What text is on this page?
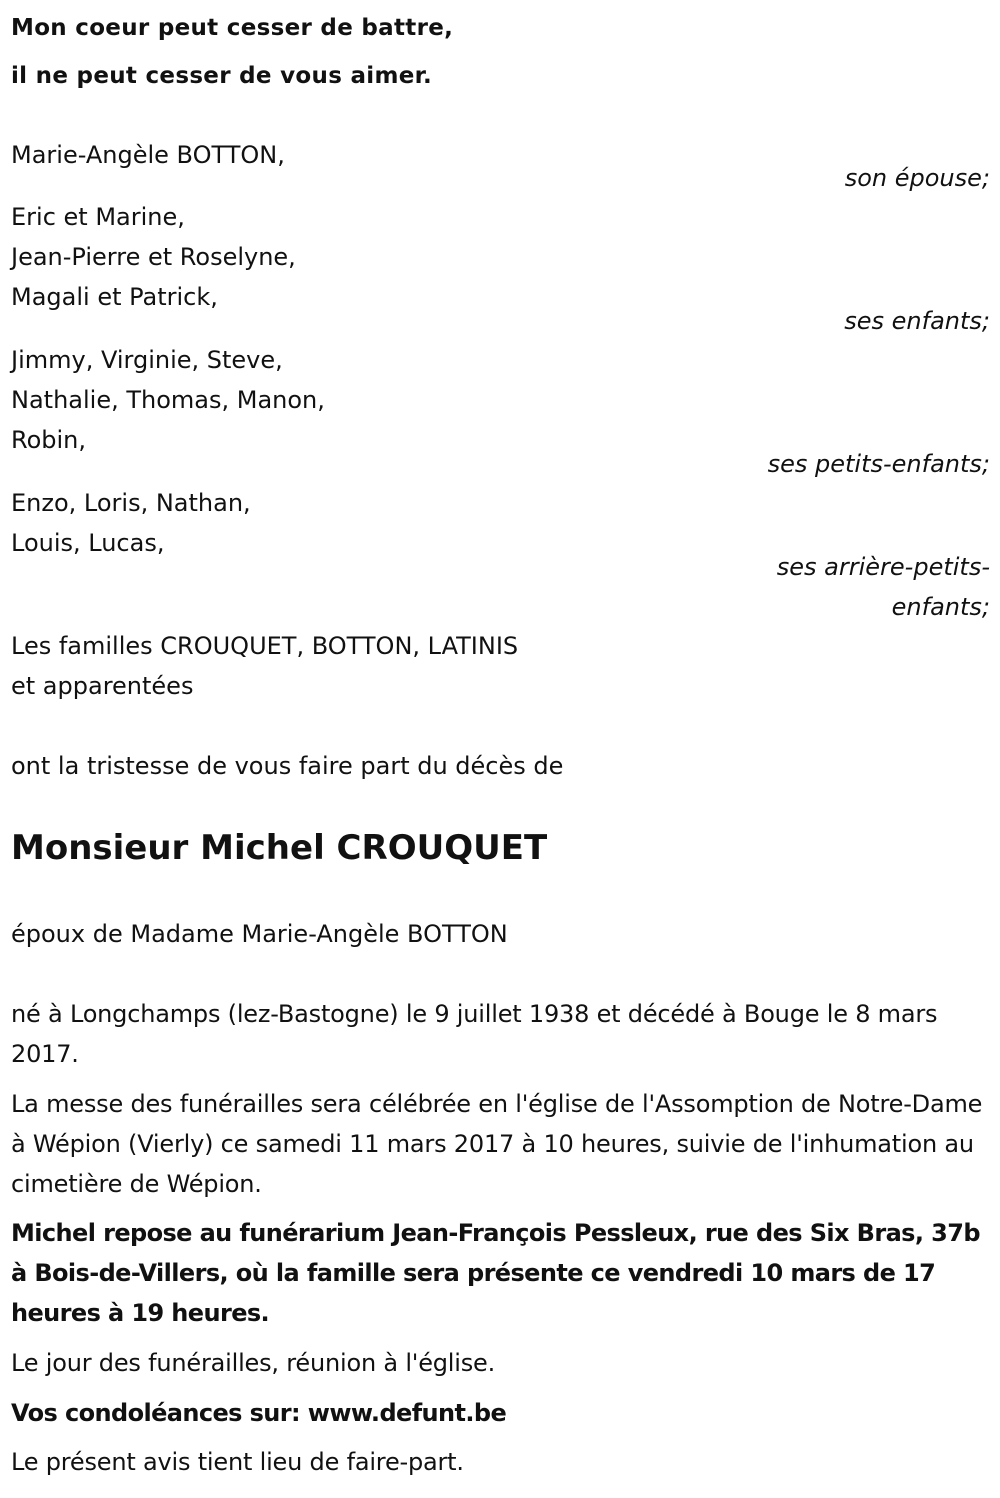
Mon coeur peut cesser de battre,
il ne peut cesser de vous aimer.
Marie-Angèle BOTTON,
son épouse;
Eric et Marine,
Jean-Pierre et Roselyne,
Magali et Patrick,
ses enfants;
Jimmy, Virginie, Steve,
Nathalie, Thomas, Manon,
Robin,
ses petits-enfants;
Enzo, Loris, Nathan,
Louis, Lucas,
ses arrière-petits-
enfants;
Les familles CROUQUET, BOTTON, LATINIS
et apparentées
ont la tristesse de vous faire part du décès de
Monsieur Michel CROUQUET
époux de Madame Marie-Angèle BOTTON
né à Longchamps (lez-Bastogne) le 9 juillet 1938 et décédé à Bouge le 8 mars 2017.
La messe des funérailles sera célébrée en l'église de l'Assomption de Notre-Dame à Wépion (Vierly) ce samedi 11 mars 2017 à 10 heures, suivie de l'inhumation au cimetière de Wépion.
Michel repose au funérarium Jean-François Pessleux, rue des Six Bras, 37b à Bois-de-Villers, où la famille sera présente ce vendredi 10 mars de 17 heures à 19 heures.
Le jour des funérailles, réunion à l'église.
Vos condoléances sur: www.defunt.be
Le présent avis tient lieu de faire-part.
